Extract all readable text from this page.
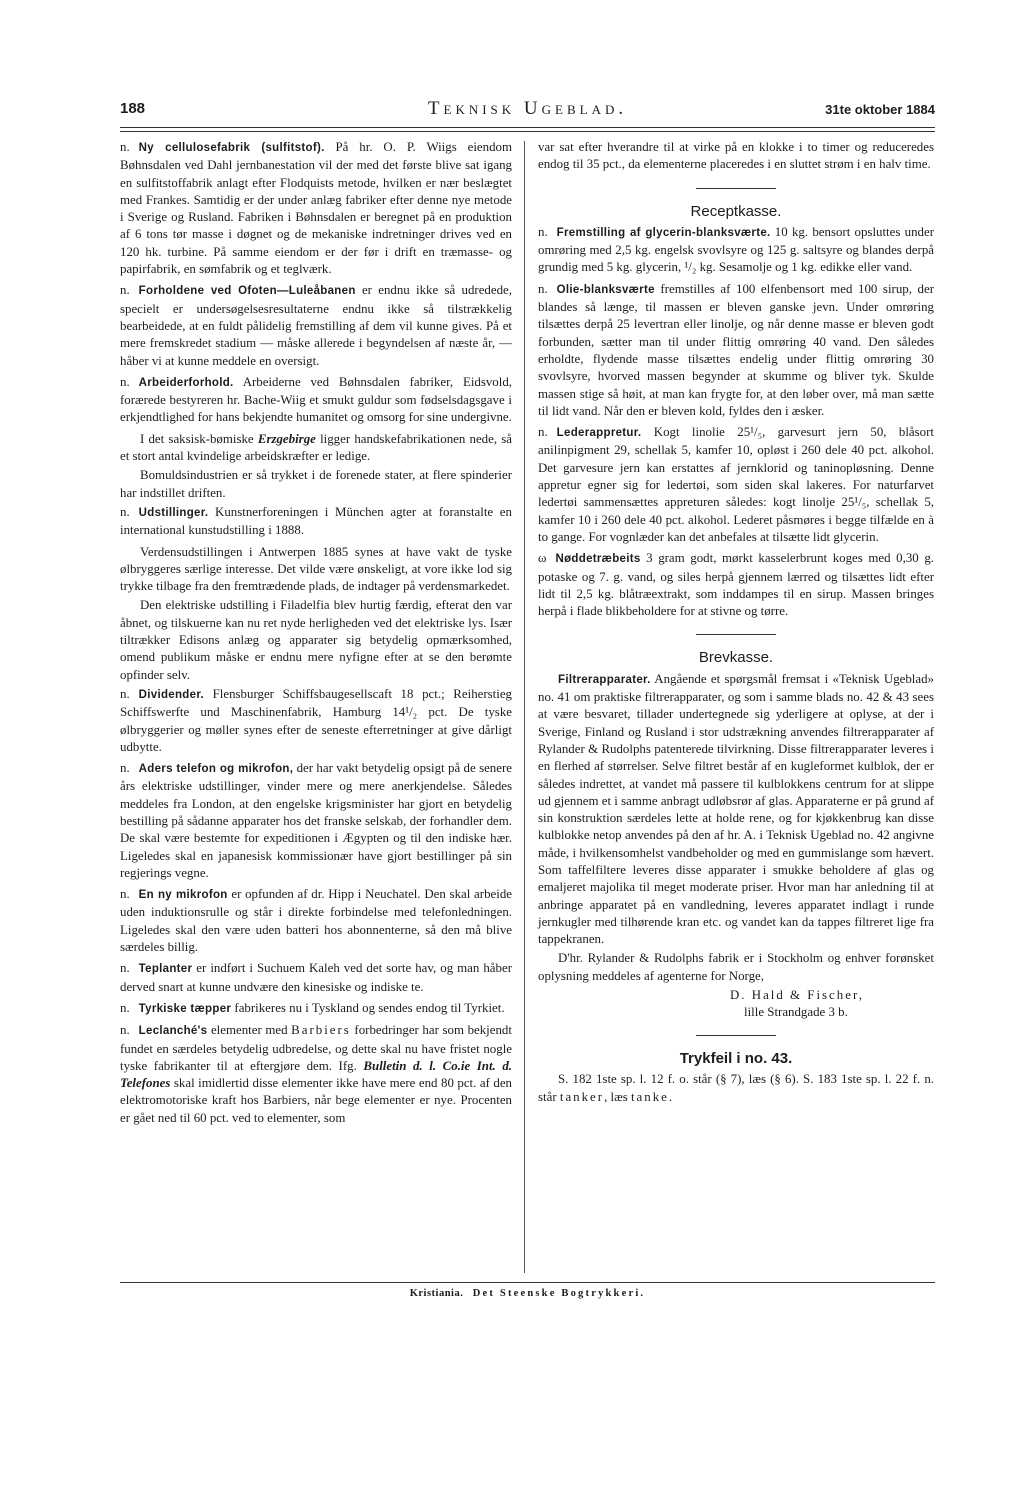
188	Teknisk Ugeblad.	31te oktober 1884

n. Ny cellulosefabrik (sulfitstof). På hr. O. P. Wiigs eiendom Bøhnsdalen ved Dahl jernbanestation vil der med det første blive sat igang en sulfitstoffabrik anlagt efter Flodquists metode, hvilken er nær beslægtet med Frankes. Samtidig er der under anlæg fabriker efter denne nye metode i Sverige og Rusland. Fabriken i Bøhnsdalen er beregnet på en produktion af 6 tons tør masse i døgnet og de mekaniske indretninger drives ved en 120 hk. turbine. På samme eiendom er der før i drift en træmasse- og papirfabrik, en sømfabrik og et teglværk.

n. Forholdene ved Ofoten—Luleåbanen er endnu ikke så udredede, specielt er undersøgelsesresultaterne endnu ikke så tilstrækkelig bearbeidede, at en fuldt pålidelig fremstilling af dem vil kunne gives. På et mere fremskredet stadium — måske allerede i begyndelsen af næste år, — håber vi at kunne meddele en oversigt.

n. Arbeiderforhold. Arbeiderne ved Bøhnsdalen fabriker, Eidsvold, forærede bestyreren hr. Bache-Wiig et smukt guldur som fødselsdagsgave i erkjendtlighed for hans bekjendte humanitet og omsorg for sine undergivne.

I det saksisk-bømiske Erzgebirge ligger handskefabrikationen nede, så et stort antal kvindelige arbeidskræfter er ledige.

Bomuldsindustrien er så trykket i de forenede stater, at flere spinderier har indstillet driften.

n. Udstillinger. Kunstnerforeningen i München agter at foranstalte en international kunstudstilling i 1888.

Verdensudstillingen i Antwerpen 1885 synes at have vakt de tyske ølbryggeres særlige interesse. Det vilde være ønskeligt, at vore ikke lod sig trykke tilbage fra den fremtrædende plads, de indtager på verdensmarkedet.

Den elektriske udstilling i Filadelfia blev hurtig færdig, efterat den var åbnet, og tilskuerne kan nu ret nyde herligheden ved det elektriske lys. Især tiltrækker Edisons anlæg og apparater sig betydelig opmærksomhed, omend publikum måske er endnu mere nyfigne efter at se den berømte opfinder selv.

n. Dividender. Flensburger Schiffsbaugesellscaft 18 pct.; Reiherstieg Schiffswerfte und Maschinenfabrik, Hamburg 14¹/₂ pct. De tyske ølbryggerier og møller synes efter de seneste efterretninger at give dårligt udbytte.

n. Aders telefon og mikrofon, der har vakt betydelig opsigt på de senere års elektriske udstillinger, vinder mere og mere anerkjendelse. Således meddeles fra London, at den engelske krigsminister har gjort en betydelig bestilling på sådanne apparater hos det franske selskab, der forhandler dem. De skal være bestemte for expeditionen i Ægypten og til den indiske hær. Ligeledes skal en japanesisk kommissionær have gjort bestillinger på sin regjerings vegne.

n. En ny mikrofon er opfunden af dr. Hipp i Neuchatel. Den skal arbeide uden induktionsrulle og står i direkte forbindelse med telefonledningen. Ligeledes skal den være uden batteri hos abonnenterne, så den må blive særdeles billig.

n. Teplanter er indført i Suchuem Kaleh ved det sorte hav, og man håber derved snart at kunne undvære den kinesiske og indiske te.

n. Tyrkiske tæpper fabrikeres nu i Tyskland og sendes endog til Tyrkiet.

n. Leclanché's elementer med Barbiers forbedringer har som bekjendt fundet en særdeles betydelig udbredelse, og dette skal nu have fristet nogle tyske fabrikanter til at eftergjøre dem. Ifg. Bulletin d. l. Co.ie Int. d. Telefones skal imidlertid disse elementer ikke have mere end 80 pct. af den elektromotoriske kraft hos Barbiers, når bege elementer er nye. Procenten er gået ned til 60 pct. ved to elementer, som

var sat efter hverandre til at virke på en klokke i to timer og reduceredes endog til 35 pct., da elementerne placeredes i en sluttet strøm i en halv time.

Receptkasse.

n. Fremstilling af glycerin-blanksværte. 10 kg. bensort opsluttes under omrøring med 2,5 kg. engelsk svovlsyre og 125 g. saltsyre og blandes derpå grundig med 5 kg. glycerin, ¹/₂ kg. Sesamolje og 1 kg. edikke eller vand.

n. Olie-blanksværte fremstilles af 100 elfenbensort med 100 sirup, der blandes så længe, til massen er bleven ganske jevn. Under omrøring tilsættes derpå 25 levertran eller linolje, og når denne masse er bleven godt forbunden, sætter man til under flittig omrøring 40 vand. Den således erholdte, flydende masse tilsættes endelig under flittig omrøring 30 svovlsyre, hvorved massen begynder at skumme og bliver tyk. Skulde massen stige så høit, at man kan frygte for, at den løber over, må man sætte til lidt vand. Når den er bleven kold, fyldes den i æsker.

n. Lederappretur. Kogt linolie 25¹/₅, garvesurt jern 50, blåsort anilinpigment 29, schellak 5, kamfer 10, opløst i 260 dele 40 pct. alkohol. Det garvesure jern kan erstattes af jernklorid og taninopløsning. Denne appretur egner sig for ledertøi, som siden skal lakeres. For naturfarvet ledertøi sammensættes appreturen således: kogt linolje 25¹/₅, schellak 5, kamfer 10 i 260 dele 40 pct. alkohol. Lederet påsmøres i begge tilfælde en à to gange. For vognlæder kan det anbefales at tilsætte lidt glycerin.

ω Nøddetræbeits 3 gram godt, mørkt kasselerbrunt koges med 0,30 g. potaske og 7. g. vand, og siles herpå gjennem lærred og tilsættes lidt efter lidt til 2,5 kg. blåtræextrakt, som inddampes til en sirup. Massen bringes herpå i flade blikbeholdere for at stivne og tørre.

Brevkasse.

Filtrerapparater. Angående et spørgsmål fremsat i «Teknisk Ugeblad» no. 41 om praktiske filtrerapparater, og som i samme blads no. 42 & 43 sees at være besvaret, tillader undertegnede sig yderligere at oplyse, at der i Sverige, Finland og Rusland i stor udstrækning anvendes filtrerapparater af Rylander & Rudolphs patenterede tilvirkning. Disse filtrerapparater leveres i en flerhed af størrelser. Selve filtret består af en kugleformet kulblok, der er således indrettet, at vandet må passere til kulblokkens centrum for at slippe ud gjennem et i samme anbragt udløbsrør af glas. Apparaterne er på grund af sin konstruktion særdeles lette at holde rene, og for kjøkkenbrug kan disse kulblokke netop anvendes på den af hr. A. i Teknisk Ugeblad no. 42 angivne måde, i hvilkensomhelst vandbeholder og med en gummislange som hævert. Som taffelfiltere leveres disse apparater i smukke beholdere af glas og emaljeret majolika til meget moderate priser. Hvor man har anledning til at anbringe apparatet på en vandledning, leveres apparatet indlagt i runde jernkugler med tilhørende kran etc. og vandet kan da tappes filtreret lige fra tappekranen.

D'hr. Rylander & Rudolphs fabrik er i Stockholm og enhver forønsket oplysning meddeles af agenterne for Norge,

D. Hald & Fischer,
lille Strandgade 3 b.
Trykfeil i no. 43.

S. 182 1ste sp. l. 12 f. o. står (§ 7), læs (§ 6). S. 183 1ste sp. l. 22 f. n. står tanker, læs tanke.

Kristiania. Det Steenske Bogtrykkeri.
